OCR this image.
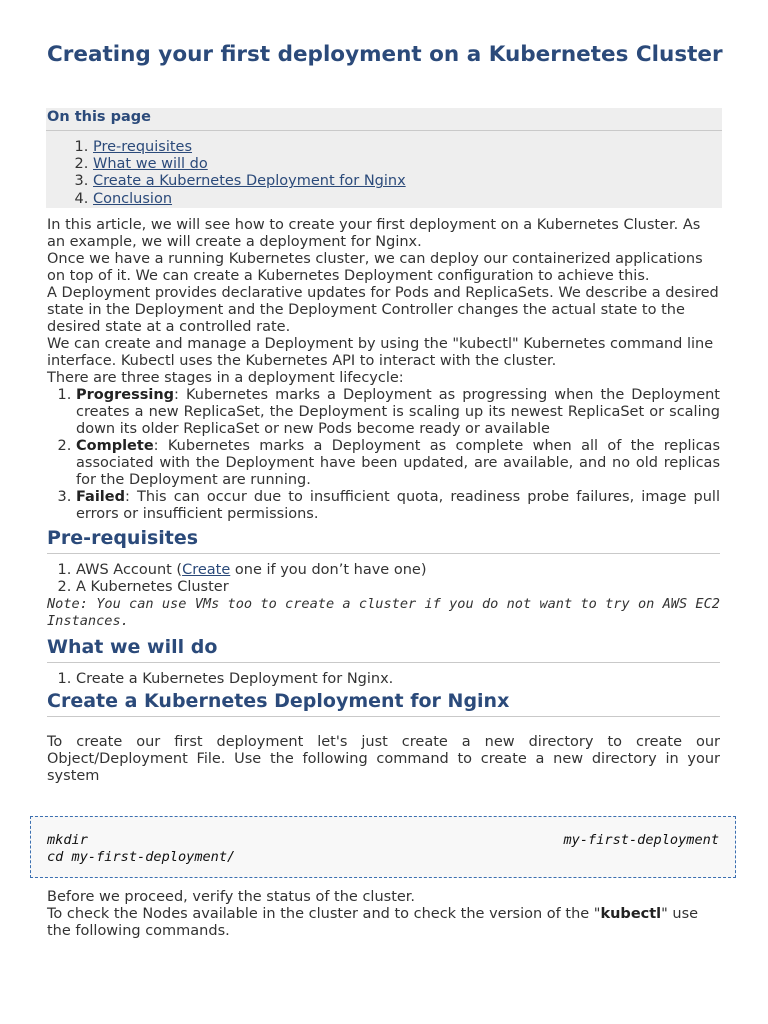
Creating your first deployment on a Kubernetes Cluster
On this page
1. Pre-requisites
2. What we will do
3. Create a Kubernetes Deployment for Nginx
4. Conclusion

In this article, we will see how to create your first deployment on a Kubernetes Cluster. As an example, we will create a deployment for Nginx.

Once we have a running Kubernetes cluster, we can deploy our containerized applications on top of it. We can create a Kubernetes Deployment configuration to achieve this.

A Deployment provides declarative updates for Pods and ReplicaSets. We describe a desired state in the Deployment and the Deployment Controller changes the actual state to the desired state at a controlled rate.

We can create and manage a Deployment by using the "kubectl" Kubernetes command line interface. Kubectl uses the Kubernetes API to interact with the cluster.

There are three stages in a deployment lifecycle:

1. Progressing: Kubernetes marks a Deployment as progressing when the Deployment creates a new ReplicaSet, the Deployment is scaling up its newest ReplicaSet or scaling down its older ReplicaSet or new Pods become ready or available
2. Complete: Kubernetes marks a Deployment as complete when all of the replicas associated with the Deployment have been updated, are available, and no old replicas for the Deployment are running.
3. Failed: This can occur due to insufficient quota, readiness probe failures, image pull errors or insufficient permissions.
Pre-requisites
1. AWS Account (Create one if you don’t have one)
2. A Kubernetes Cluster

Note: You can use VMs too to create a cluster if you do not want to try on AWS EC2 Instances.

What we will do
1. Create a Kubernetes Deployment for Nginx.
Create a Kubernetes Deployment for Nginx

To create our first deployment let's just create a new directory to create our Object/Deployment File. Use the following command to create a new directory in your system

mkdir	my-first-deployment
cd my-first-deployment/

Before we proceed, verify the status of the cluster.

To check the Nodes available in the cluster and to check the version of the "kubectl" use the following commands.
